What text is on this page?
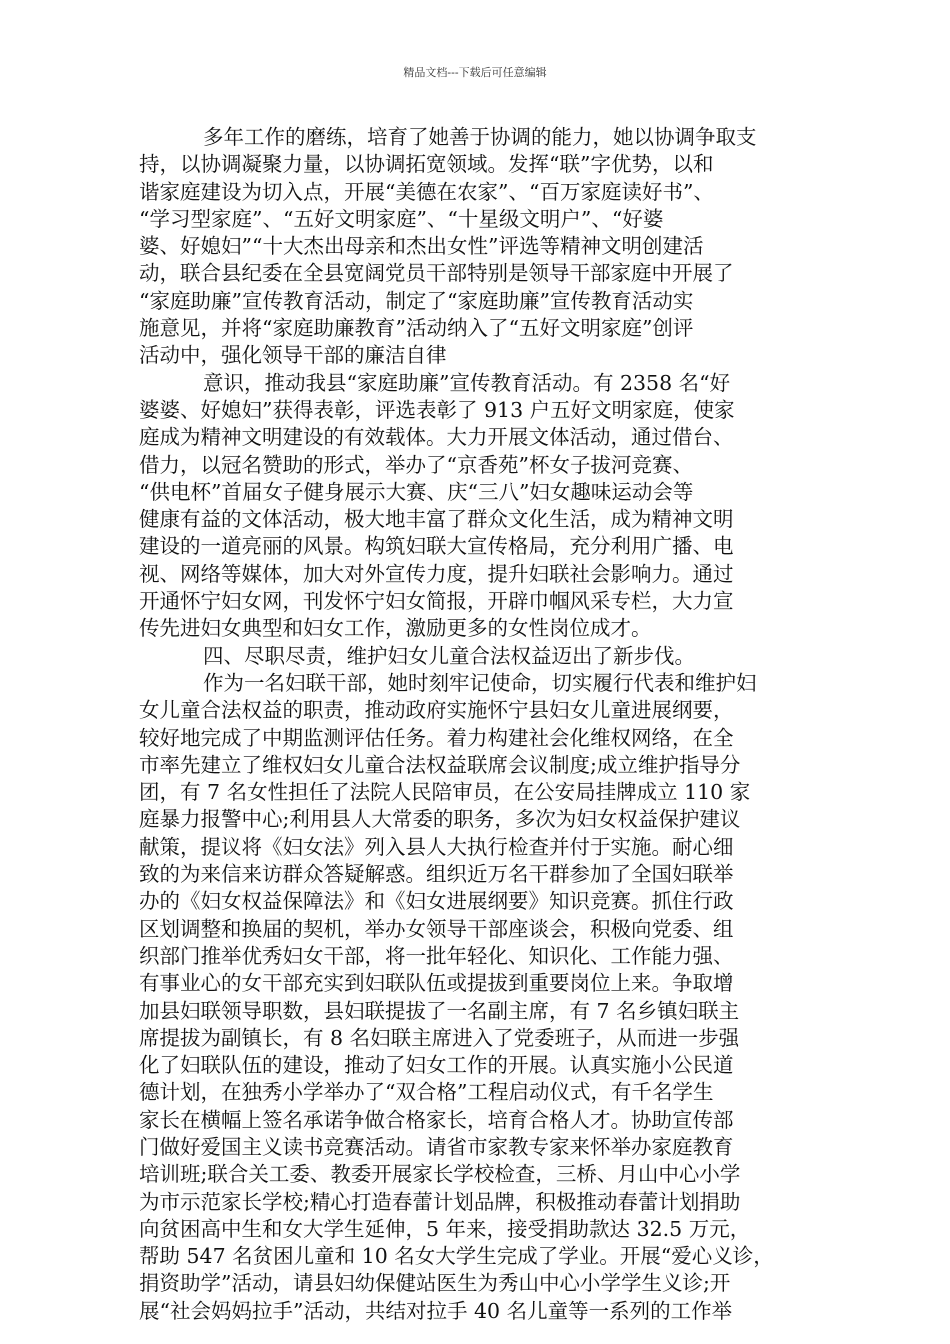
精品文档---下载后可任意编辑
多年工作的磨练，培育了她善于协调的能力，她以协调争取支
持，以协调凝聚力量，以协调拓宽领域。发挥“联”字优势，以和
谐家庭建设为切入点，开展“美德在农家”、“百万家庭读好书”、
“学习型家庭”、“五好文明家庭”、“十星级文明户”、“好婆
婆、好媳妇”“十大杰出母亲和杰出女性”评选等精神文明创建活
动，联合县纪委在全县宽阔党员干部特别是领导干部家庭中开展了
“家庭助廉”宣传教育活动，制定了“家庭助廉”宣传教育活动实
施意见，并将“家庭助廉教育”活动纳入了“五好文明家庭”创评
活动中，强化领导干部的廉洁自律
意识，推动我县“家庭助廉”宣传教育活动。有 2358 名“好
婆婆、好媳妇”获得表彰，评选表彰了 913 户五好文明家庭，使家
庭成为精神文明建设的有效载体。大力开展文体活动，通过借台、
借力，以冠名赞助的形式，举办了“京香苑”杯女子拔河竞赛、
“供电杯”首届女子健身展示大赛、庆“三八”妇女趣味运动会等
健康有益的文体活动，极大地丰富了群众文化生活，成为精神文明
建设的一道亮丽的风景。构筑妇联大宣传格局，充分利用广播、电
视、网络等媒体，加大对外宣传力度，提升妇联社会影响力。通过
开通怀宁妇女网，刊发怀宁妇女简报，开辟巾帼风采专栏，大力宣
传先进妇女典型和妇女工作，激励更多的女性岗位成才。
四、尽职尽责，维护妇女儿童合法权益迈出了新步伐。
作为一名妇联干部，她时刻牢记使命，切实履行代表和维护妇
女儿童合法权益的职责，推动政府实施怀宁县妇女儿童进展纲要，
较好地完成了中期监测评估任务。着力构建社会化维权网络，在全
市率先建立了维权妇女儿童合法权益联席会议制度;成立维护指导分
团，有 7 名女性担任了法院人民陪审员，在公安局挂牌成立 110 家
庭暴力报警中心;利用县人大常委的职务，多次为妇女权益保护建议
献策，提议将《妇女法》列入县人大执行检查并付于实施。耐心细
致的为来信来访群众答疑解惑。组织近万名干群参加了全国妇联举
办的《妇女权益保障法》和《妇女进展纲要》知识竞赛。抓住行政
区划调整和换届的契机，举办女领导干部座谈会，积极向党委、组
织部门推举优秀妇女干部，将一批年轻化、知识化、工作能力强、
有事业心的女干部充实到妇联队伍或提拔到重要岗位上来。争取增
加县妇联领导职数，县妇联提拔了一名副主席，有 7 名乡镇妇联主
席提拔为副镇长，有 8 名妇联主席进入了党委班子，从而进一步强
化了妇联队伍的建设，推动了妇女工作的开展。认真实施小公民道
德计划，在独秀小学举办了“双合格”工程启动仪式，有千名学生
家长在横幅上签名承诺争做合格家长，培育合格人才。协助宣传部
门做好爱国主义读书竞赛活动。请省市家教专家来怀举办家庭教育
培训班;联合关工委、教委开展家长学校检查，三桥、月山中心小学
为市示范家长学校;精心打造春蕾计划品牌，积极推动春蕾计划捐助
向贫困高中生和女大学生延伸，5 年来，接受捐助款达 32.5 万元，
帮助 547 名贫困儿童和 10 名女大学生完成了学业。开展“爱心义诊，
捐资助学”活动，请县妇幼保健站医生为秀山中心小学学生义诊;开
展“社会妈妈拉手”活动，共结对拉手 40 名儿童等一系列的工作举
